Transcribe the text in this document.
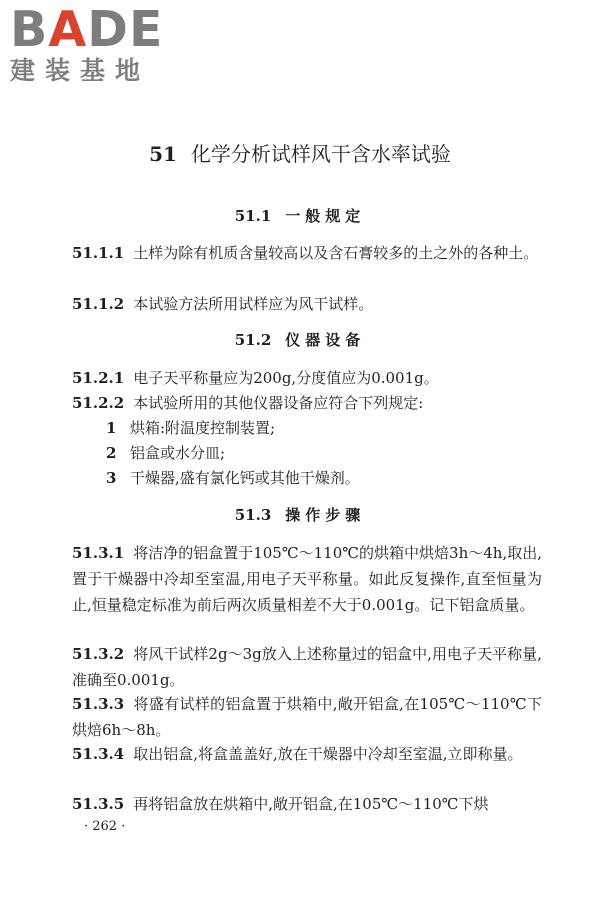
BADE
建装基地
51 化学分析试样风干含水率试验
51.1 一般规定
51.1.1 土样为除有机质含量较高以及含石膏较多的土之外的各种土。
51.1.2 本试验方法所用试样应为风干试样。
51.2 仪器设备
51.2.1 电子天平称量应为200g,分度值应为0.001g。
51.2.2 本试验所用的其他仪器设备应符合下列规定:
1 烘箱:附温度控制装置;
2 铝盒或水分皿;
3 干燥器,盛有氯化钙或其他干燥剂。
51.3 操作步骤
51.3.1 将洁净的铝盒置于105℃～110℃的烘箱中烘焙3h～4h,取出,置于干燥器中冷却至室温,用电子天平称量。如此反复操作,直至恒量为止,恒量稳定标准为前后两次质量相差不大于0.001g。记下铝盒质量。
51.3.2 将风干试样2g～3g放入上述称量过的铝盒中,用电子天平称量,准确至0.001g。
51.3.3 将盛有试样的铝盒置于烘箱中,敞开铝盒,在105℃～110℃下烘焙6h～8h。
51.3.4 取出铝盒,将盒盖盖好,放在干燥器中冷却至室温,立即称量。
51.3.5 再将铝盒放在烘箱中,敞开铝盒,在105℃～110℃下烘
· 262 ·
